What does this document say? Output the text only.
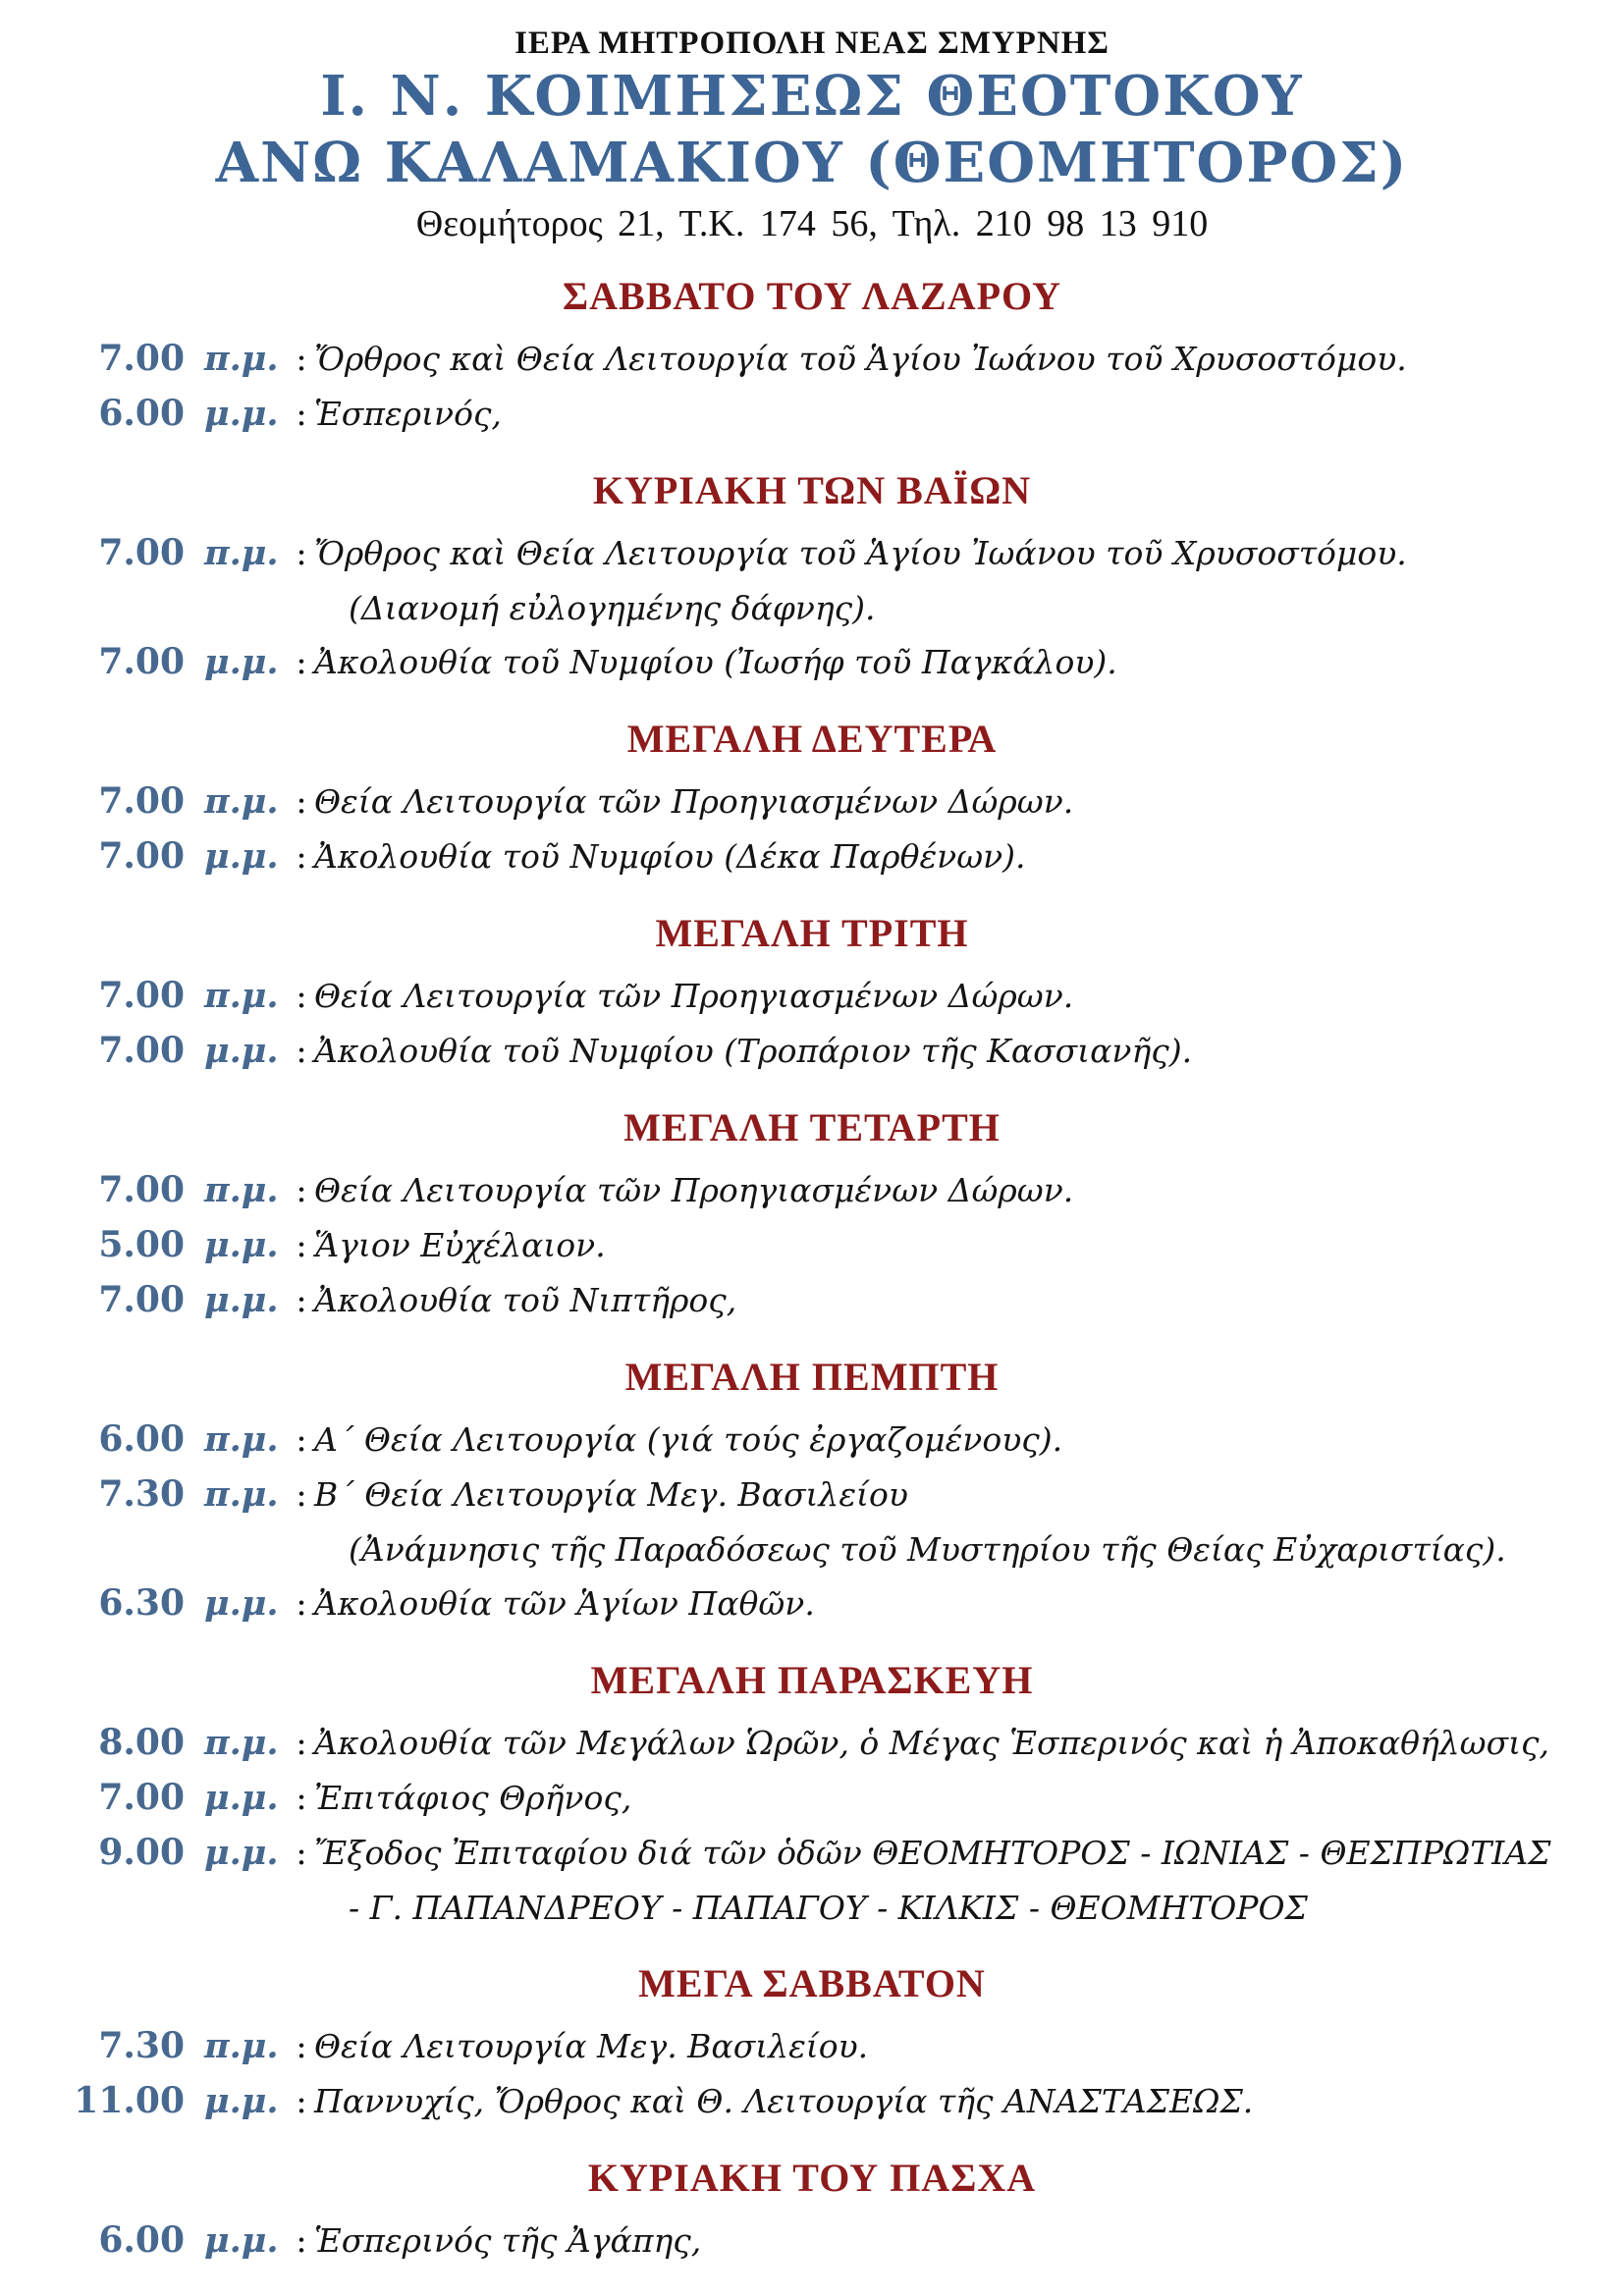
ΙΕΡΑ ΜΗΤΡΟΠΟΛΗ ΝΕΑΣ ΣΜΥΡΝΗΣ
Ι. Ν. ΚΟΙΜΗΣΕΩΣ ΘΕΟΤΟΚΟΥ
ΑΝΩ ΚΑΛΑΜΑΚΙΟΥ (ΘΕΟΜΗΤΟΡΟΣ)
Θεομήτορος 21, Τ.Κ. 174 56, Τηλ. 210 98 13 910
ΣΑΒΒΑΤΟ ΤΟΥ ΛΑΖΑΡΟΥ
7.00 π.μ. : Ὄρθρος καὶ Θεία Λειτουργία τοῦ Ἁγίου Ἰωάνου τοῦ Χρυσοστόμου.
6.00 μ.μ. : Ἑσπερινός,
ΚΥΡΙΑΚΗ ΤΩΝ ΒΑΪΩΝ
7.00 π.μ. : Ὄρθρος καὶ Θεία Λειτουργία τοῦ Ἁγίου Ἰωάνου τοῦ Χρυσοστόμου.
(Διανομή εὐλογημένης δάφνης).
7.00 μ.μ. : Ἀκολουθία τοῦ Νυμφίου (Ἰωσήφ τοῦ Παγκάλου).
ΜΕΓΑΛΗ ΔΕΥΤΕΡΑ
7.00 π.μ. : Θεία Λειτουργία τῶν Προηγιασμένων Δώρων.
7.00 μ.μ. : Ἀκολουθία τοῦ Νυμφίου (Δέκα Παρθένων).
ΜΕΓΑΛΗ ΤΡΙΤΗ
7.00 π.μ. : Θεία Λειτουργία τῶν Προηγιασμένων Δώρων.
7.00 μ.μ. : Ἀκολουθία τοῦ Νυμφίου (Τροπάριον τῆς Κασσιανῆς).
ΜΕΓΑΛΗ ΤΕΤΑΡΤΗ
7.00 π.μ. : Θεία Λειτουργία τῶν Προηγιασμένων Δώρων.
5.00 μ.μ. : Ἅγιον Εὐχέλαιον.
7.00 μ.μ. : Ἀκολουθία τοῦ Νιπτῆρος,
ΜΕΓΑΛΗ ΠΕΜΠΤΗ
6.00 π.μ. : Α΄ Θεία Λειτουργία (γιά τούς ἐργαζομένους).
7.30 π.μ. : Β΄ Θεία Λειτουργία Μεγ. Βασιλείου
(Ἀνάμνησις τῆς Παραδόσεως τοῦ Μυστηρίου τῆς Θείας Εὐχαριστίας).
6.30 μ.μ. : Ἀκολουθία τῶν Ἁγίων Παθῶν.
ΜΕΓΑΛΗ ΠΑΡΑΣΚΕΥΗ
8.00 π.μ. : Ἀκολουθία τῶν Μεγάλων Ὡρῶν, ὁ Μέγας Ἑσπερινός καὶ ἡ Ἀποκαθήλωσις,
7.00 μ.μ. : Ἐπιτάφιος Θρῆνος,
9.00 μ.μ. : Ἔξοδος Ἐπιταφίου διά τῶν ὁδῶν ΘΕΟΜΗΤΟΡΟΣ - ΙΩΝΙΑΣ - ΘΕΣΠΡΩΤΙΑΣ
- Γ. ΠΑΠΑΝΔΡΕΟΥ - ΠΑΠΑΓΟΥ - ΚΙΛΚΙΣ - ΘΕΟΜΗΤΟΡΟΣ
ΜΕΓΑ ΣΑΒΒΑΤΟΝ
7.30 π.μ. : Θεία Λειτουργία Μεγ. Βασιλείου.
11.00 μ.μ. : Παννυχίς, Ὄρθρος καὶ Θ. Λειτουργία τῆς ΑΝΑΣΤΑΣΕΩΣ.
ΚΥΡΙΑΚΗ ΤΟΥ ΠΑΣΧΑ
6.00 μ.μ. : Ἑσπερινός τῆς Ἀγάπης,
